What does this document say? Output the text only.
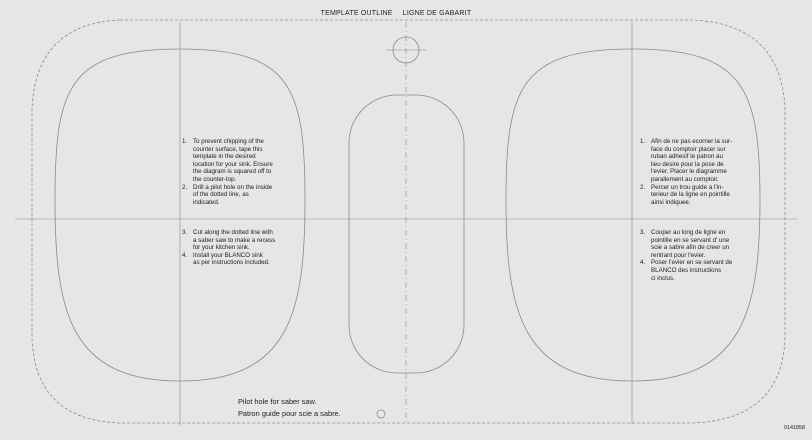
TEMPLATE OUTLINE LIGNE DE GABARIT
1. To prevent chipping of the
counter surface, tape this
template in the desired
location for your sink. Ensure
the diagram is squared off to
the counter-top.
2. Drill a pilot hole on the inside
of the dotted line, as
indicated.
3. Cut along the dotted line with
a saber saw to make a recess
for your kitchen sink.
4. Install your BLANCO sink
as per instructions included.
1. Afin de ne pas ecorner la sur-
face du comptoir placer sur
ruban adhesif le patron au
lieu desire pour la pose de
l'evier. Placer le diagramme
parallement au comptoir.
2. Percer un trou guide a l'in-
terieur de la ligne en pointille
ainsi indiquee.
3. Couper au long de ligne en
pointille en se servant d' une
scie a sabre afin de creer un
rentrant pour l'evier.
4. Poser l'evier en se servant de
BLANCO des instructions
ci inclus.
Pilot hole for saber saw.
Patron guide pour scie a sabre.
0141858
